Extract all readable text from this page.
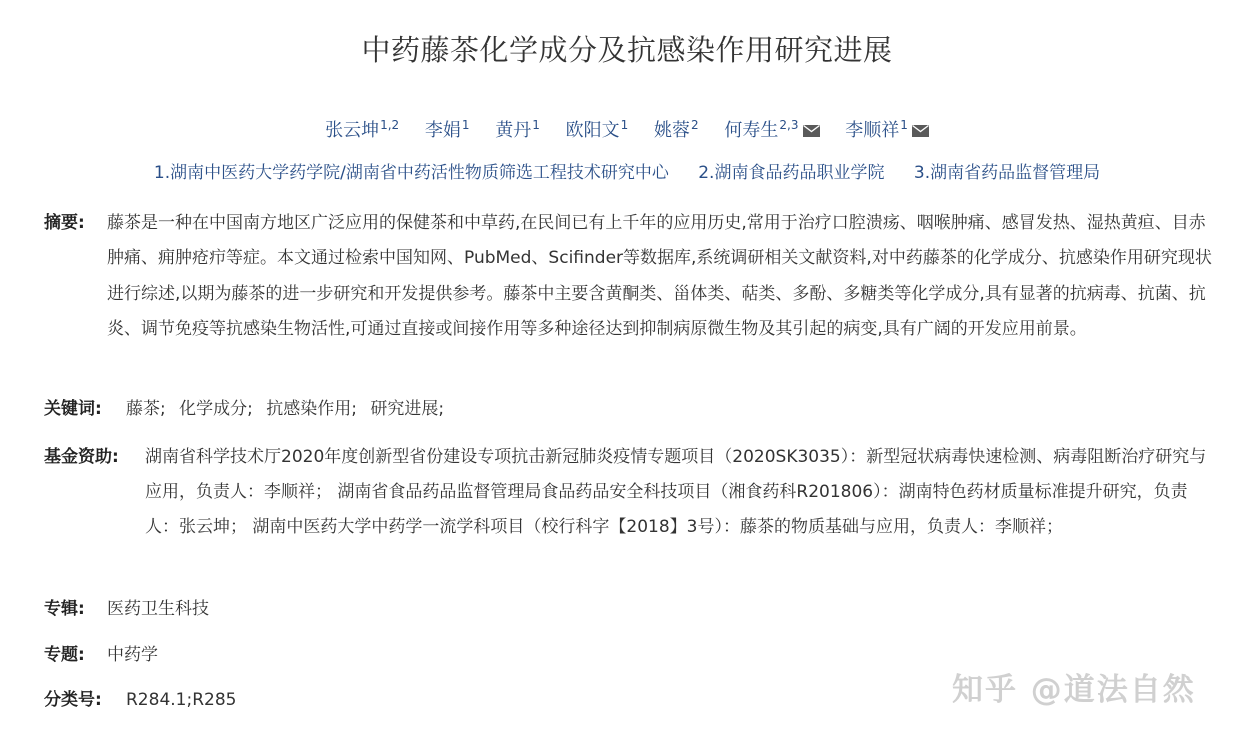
中药藤茶化学成分及抗感染作用研究进展
张云坤$^{1,2}$ 李娟$^1$ 黄丹$^1$ 欧阳文$^1$ 姚蓉$^2$ 何寿生$^{2,3}$	李顺祥$^1$
1.湖南中医药大学药学院/湖南省中药活性物质筛选工程技术研究中心 2.湖南食品药品职业学院 3.湖南省药品监督管理局
摘要: 藤茶是一种在中国南方地区广泛应用的保健茶和中草药,在民间已有上千年的应用历史,常用于治疗口腔溃疡、咽喉肿痛、感冒发热、湿热黄疸、目赤肿痛、痈肿疮疖等症。本文通过检索中国知网、PubMed、Scifinder等数据库,系统调研相关文献资料,对中药藤茶的化学成分、抗感染作用研究现状进行综述,以期为藤茶的进一步研究和开发提供参考。藤茶中主要含黄酮类、甾体类、萜类、多酚、多糖类等化学成分,具有显著的抗病毒、抗菌、抗炎、调节免疫等抗感染生物活性,可通过直接或间接作用等多种途径达到抑制病原微生物及其引起的病变,具有广阔的开发应用前景。
关键词: 藤茶; 化学成分; 抗感染作用; 研究进展;
基金资助: 湖南省科学技术厅2020年度创新型省份建设专项抗击新冠肺炎疫情专题项目（2020SK3035）：新型冠状病毒快速检测、病毒阻断治疗研究与应用，负责人：李顺祥； 湖南省食品药品监督管理局食品药品安全科技项目（湘食药科R201806）：湖南特色药材质量标准提升研究，负责人：张云坤； 湖南中医药大学中药学一流学科项目（校行科字【2018】3号）：藤茶的物质基础与应用，负责人：李顺祥；
专辑: 医药卫生科技
专题: 中药学
分类号: R284.1;R285	知乎 @道法自然
